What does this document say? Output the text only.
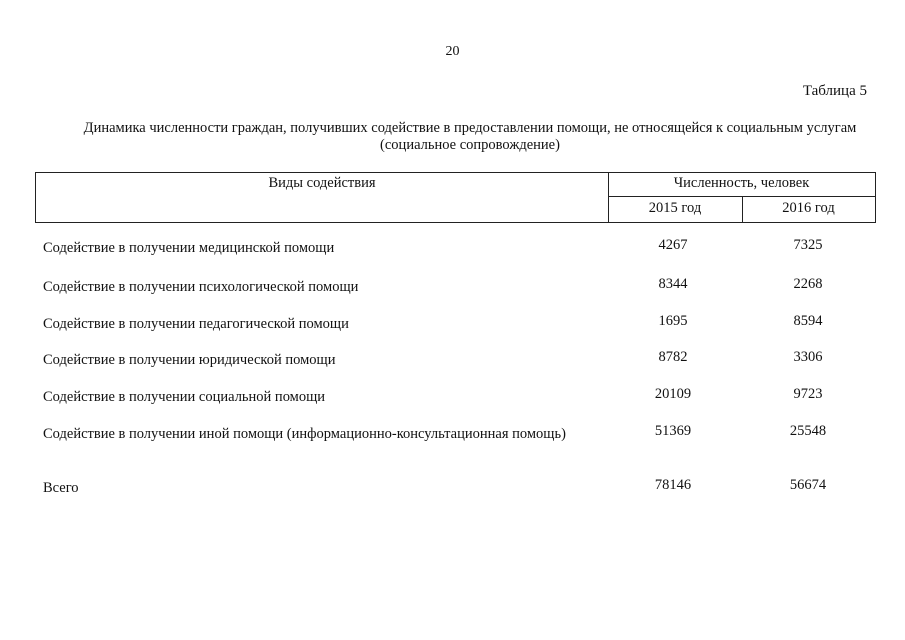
20
Таблица 5
Динамика численности граждан, получивших содействие в предоставлении помощи, не относящейся к социальным услугам (социальное сопровождение)
Виды содействия	Численность, человек
2015 год	2016 год
Содействие в получении медицинской помощи	4267	7325
Содействие в получении психологической помощи	8344	2268
Содействие в получении педагогической помощи	1695	8594
Содействие в получении юридической помощи	8782	3306
Содействие в получении социальной помощи	20109	9723
Содействие в получении иной помощи (информационно-консультационная помощь)	51369	25548
Всего	78146	56674
